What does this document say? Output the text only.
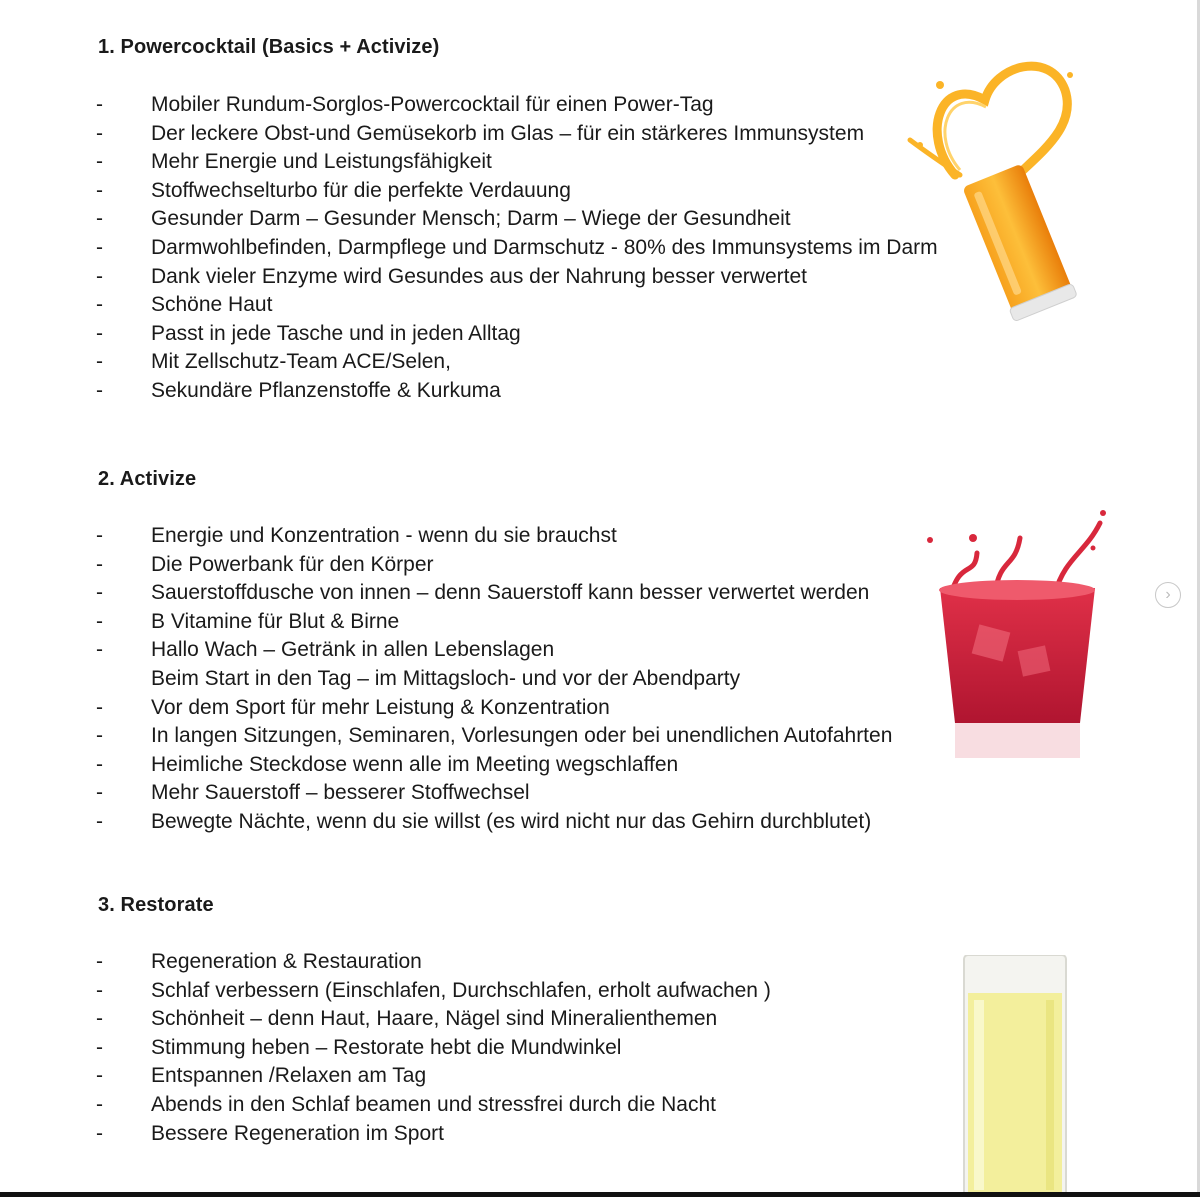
1. Powercocktail (Basics + Activize)
-	Mobiler Rundum-Sorglos-Powercocktail für einen Power-Tag
-	Der leckere Obst-und Gemüsekorb im Glas – für ein stärkeres Immunsystem
-	Mehr Energie und Leistungsfähigkeit
-	Stoffwechselturbo für die perfekte Verdauung
-	Gesunder Darm – Gesunder Mensch; Darm – Wiege der Gesundheit
-	Darmwohlbefinden, Darmpflege und Darmschutz - 80% des Immunsystems im Darm
-	Dank vieler Enzyme wird Gesundes aus der Nahrung besser verwertet
-	Schöne Haut
-	Passt in jede Tasche und in jeden Alltag
-	Mit Zellschutz-Team ACE/Selen,
-	Sekundäre Pflanzenstoffe & Kurkuma
2. Activize
-	Energie und Konzentration - wenn du sie brauchst
-	Die Powerbank für den Körper
-	Sauerstoffdusche von innen – denn Sauerstoff kann besser verwertet werden
-	B Vitamine für Blut & Birne
-	Hallo Wach – Getränk in allen Lebenslagen
Beim Start in den Tag – im Mittagsloch- und vor der Abendparty
-	Vor dem Sport für mehr Leistung & Konzentration
-	In langen Sitzungen, Seminaren, Vorlesungen oder bei unendlichen Autofahrten
-	Heimliche Steckdose wenn alle im Meeting wegschlaffen
-	Mehr Sauerstoff – besserer Stoffwechsel
-	Bewegte Nächte, wenn du sie willst (es wird nicht nur das Gehirn durchblutet)
3. Restorate
-	Regeneration & Restauration
-	Schlaf verbessern (Einschlafen, Durchschlafen, erholt aufwachen )
-	Schönheit – denn Haut, Haare, Nägel sind Mineralienthemen
-	Stimmung heben – Restorate hebt die Mundwinkel
-	Entspannen /Relaxen am Tag
-	Abends in den Schlaf beamen und stressfrei durch die Nacht
-	Bessere Regeneration im Sport
›
